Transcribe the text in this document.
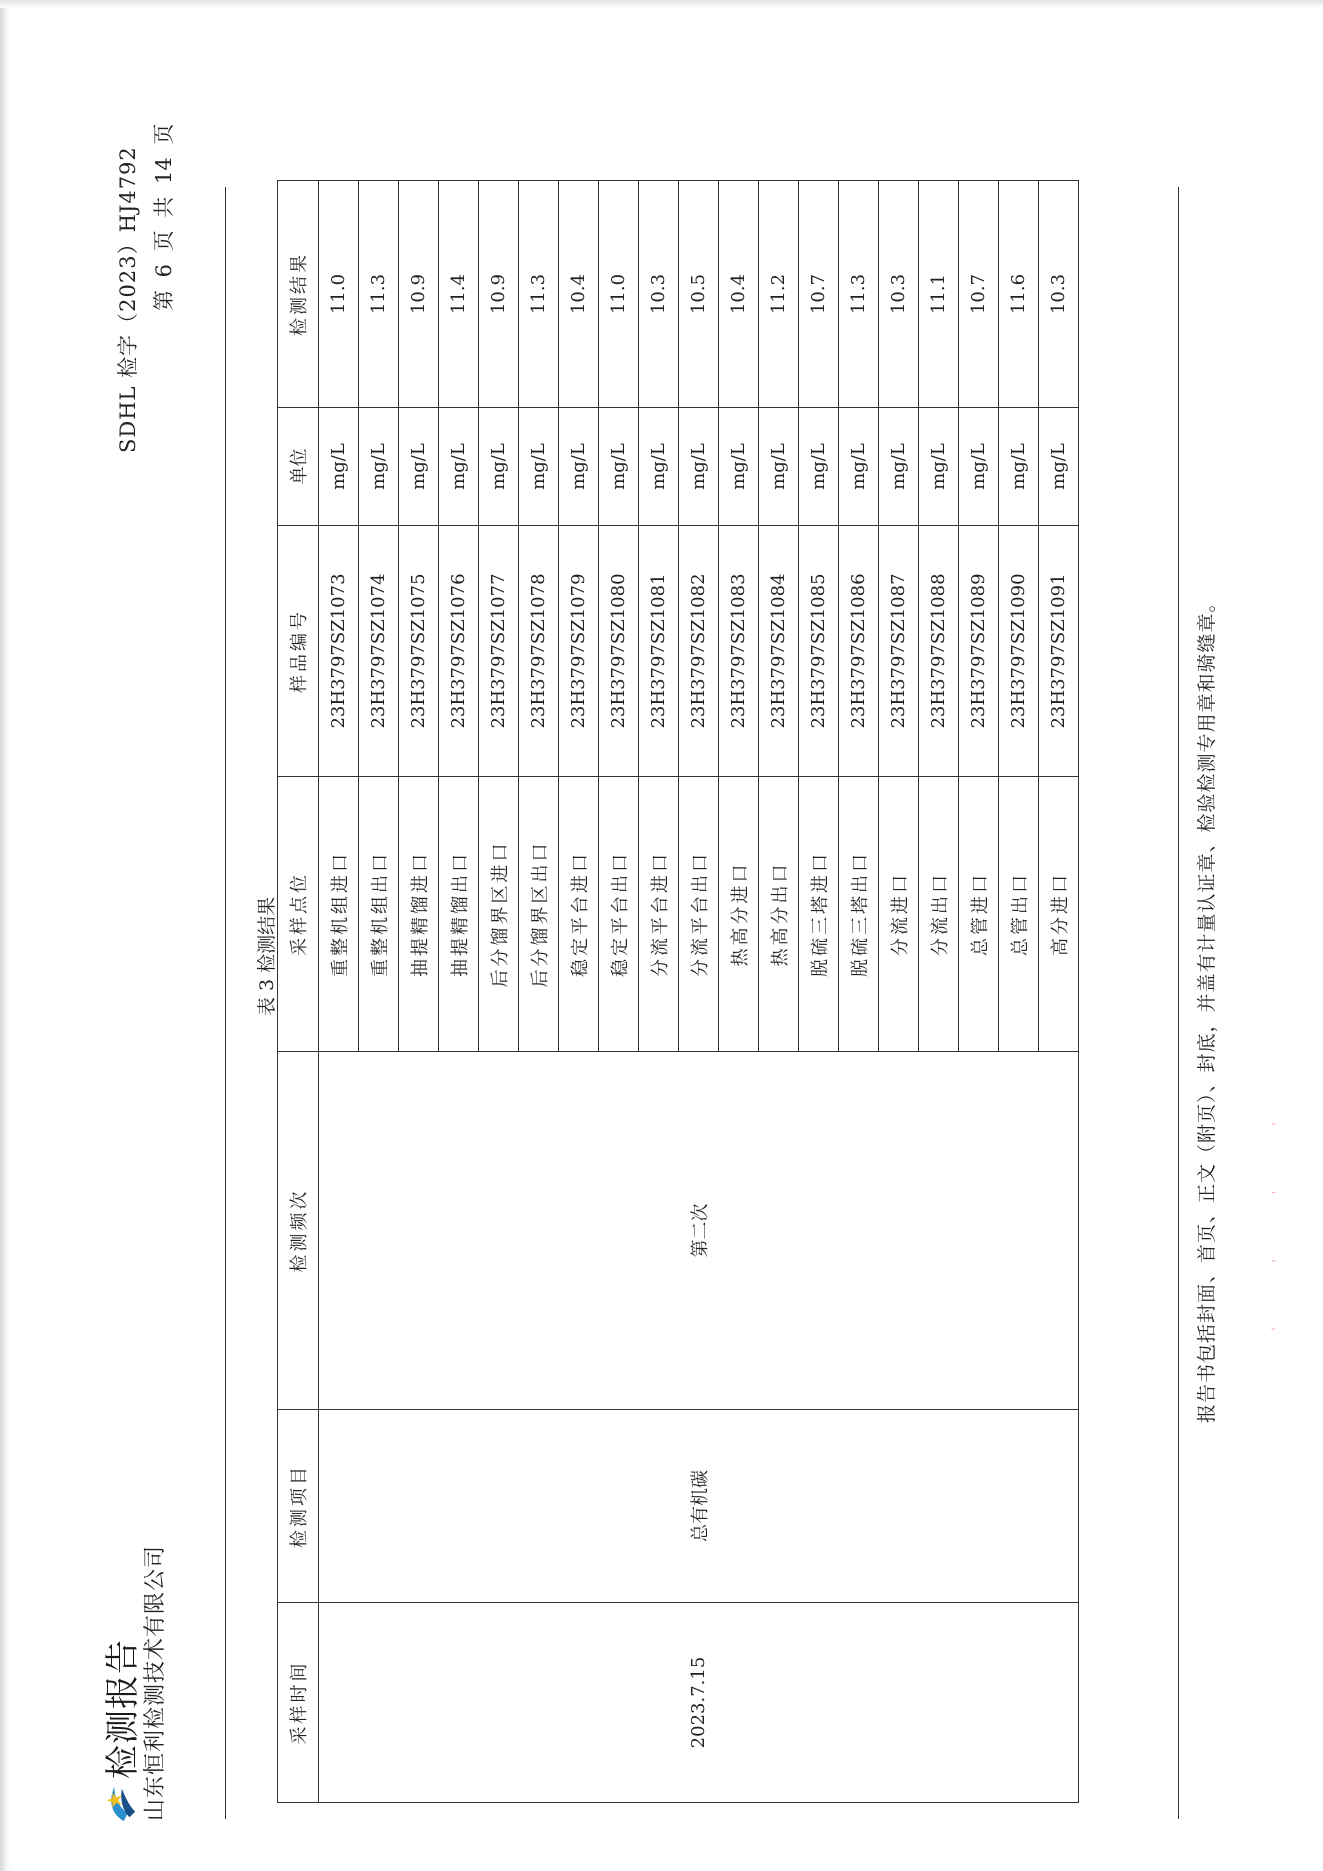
检测报告 山东恒利检测技术有限公司
SDHL 检字（2023）HJ4792 第 6 页 共 14 页
表 3 检测结果
采样时间	检测项目	检测频次	采样点位	样品编号	单位	检测结果
2023.7.15	总有机碳	第二次	重整机组进口	23H3797SZ1073	mg/L	11.0
			重整机组出口	23H3797SZ1074	mg/L	11.3
			抽提精馏进口	23H3797SZ1075	mg/L	10.9
			抽提精馏出口	23H3797SZ1076	mg/L	11.4
			后分馏界区进口	23H3797SZ1077	mg/L	10.9
			后分馏界区出口	23H3797SZ1078	mg/L	11.3
			稳定平台进口	23H3797SZ1079	mg/L	10.4
			稳定平台出口	23H3797SZ1080	mg/L	11.0
			分流平台进口	23H3797SZ1081	mg/L	10.3
			分流平台出口	23H3797SZ1082	mg/L	10.5
			热高分进口	23H3797SZ1083	mg/L	10.4
			热高分出口	23H3797SZ1084	mg/L	11.2
			脱硫三塔进口	23H3797SZ1085	mg/L	10.7
			脱硫三塔出口	23H3797SZ1086	mg/L	11.3
			分流进口	23H3797SZ1087	mg/L	10.3
			分流出口	23H3797SZ1088	mg/L	11.1
			总管进口	23H3797SZ1089	mg/L	10.7
			总管出口	23H3797SZ1090	mg/L	11.6
			高分进口	23H3797SZ1091	mg/L	10.3
报告书包括封面、首页、正文（附页）、封底，并盖有计量认证章、检验检测专用章和骑缝章。	' ' ' '
